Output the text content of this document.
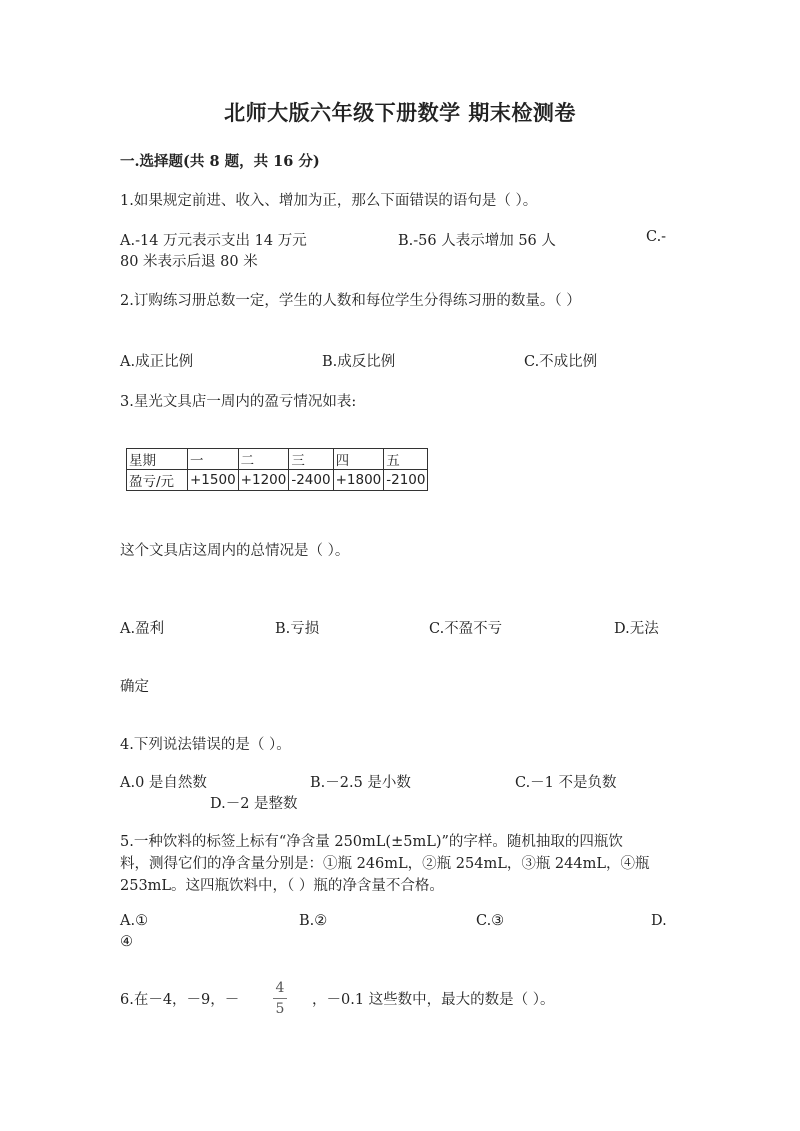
北师大版六年级下册数学 期末检测卷
一.选择题(共 8 题，共 16 分)
1.如果规定前进、收入、增加为正，那么下面错误的语句是（ ）。
A.-14 万元表示支出 14 万元	B.-56 人表示增加 56 人	C.-
80 米表示后退 80 米
2.订购练习册总数一定，学生的人数和每位学生分得练习册的数量。（ ）
A.成正比例	B.成反比例	C.不成比例
3.星光文具店一周内的盈亏情况如表:
星期	一	二	三	四	五
盈亏/元	+1500	+1200	-2400	+1800	-2100
这个文具店这周内的总情况是（ ）。
A.盈利	B.亏损	C.不盈不亏	D.无法
确定
4.下列说法错误的是（ ）。
A.0 是自然数	B.－2.5 是小数	C.－1 不是负数
D.－2 是整数
5.一种饮料的标签上标有“净含量 250mL(±5mL)”的字样。随机抽取的四瓶饮
料，测得它们的净含量分别是：①瓶 246mL，②瓶 254mL，③瓶 244mL，④瓶
253mL。这四瓶饮料中，（ ）瓶的净含量不合格。
A.①	B.②	C.③	D.
④
6.在－4，－9，－
4
5
，－0.1 这些数中，最大的数是（ ）。
